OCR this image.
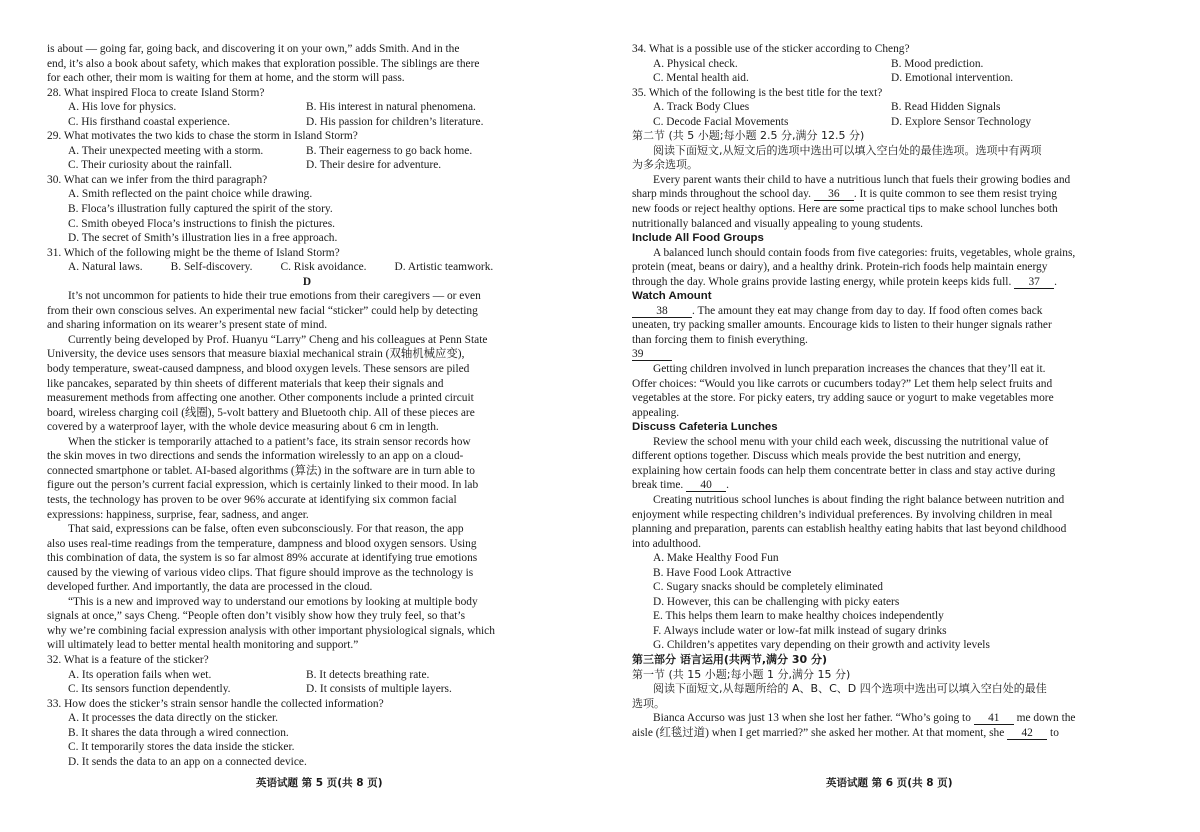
is about — going far, going back, and discovering it on your own,” adds Smith. And in the
end, it’s also a book about safety, which makes that exploration possible. The siblings are there
for each other, their mom is waiting for them at home, and the storm will pass.
28. What inspired Floca to create Island Storm?
A. His love for physics.	B. His interest in natural phenomena.
C. His firsthand coastal experience.	D. His passion for children’s literature.
29. What motivates the two kids to chase the storm in Island Storm?
A. Their unexpected meeting with a storm.	B. Their eagerness to go back home.
C. Their curiosity about the rainfall.	D. Their desire for adventure.
30. What can we infer from the third paragraph?
A. Smith reflected on the paint choice while drawing.
B. Floca’s illustration fully captured the spirit of the story.
C. Smith obeyed Floca’s instructions to finish the pictures.
D. The secret of Smith’s illustration lies in a free approach.
31. Which of the following might be the theme of Island Storm?
A. Natural laws. B. Self-discovery. C. Risk avoidance. D. Artistic teamwork.
D
It’s not uncommon for patients to hide their true emotions from their caregivers — or even
from their own conscious selves. An experimental new facial “sticker” could help by detecting
and sharing information on its wearer’s present state of mind.
Currently being developed by Prof. Huanyu “Larry” Cheng and his colleagues at Penn State
University, the device uses sensors that measure biaxial mechanical strain (双轴机械应变),
body temperature, sweat-caused dampness, and blood oxygen levels. These sensors are piled
like pancakes, separated by thin sheets of different materials that keep their signals and
measurement methods from affecting one another. Other components include a printed circuit
board, wireless charging coil (线圈), 5-volt battery and Bluetooth chip. All of these pieces are
covered by a waterproof layer, with the whole device measuring about 6 cm in length.
When the sticker is temporarily attached to a patient’s face, its strain sensor records how
the skin moves in two directions and sends the information wirelessly to an app on a cloud-
connected smartphone or tablet. AI-based algorithms (算法) in the software are in turn able to
figure out the person’s current facial expression, which is certainly linked to their mood. In lab
tests, the technology has proven to be over 96% accurate at identifying six common facial
expressions: happiness, surprise, fear, sadness, and anger.
That said, expressions can be false, often even subconsciously. For that reason, the app
also uses real-time readings from the temperature, dampness and blood oxygen sensors. Using
this combination of data, the system is so far almost 89% accurate at identifying true emotions
caused by the viewing of various video clips. That figure should improve as the technology is
developed further. And importantly, the data are processed in the cloud.
“This is a new and improved way to understand our emotions by looking at multiple body
signals at once,” says Cheng. “People often don’t visibly show how they truly feel, so that’s
why we’re combining facial expression analysis with other important physiological signals, which
will ultimately lead to better mental health monitoring and support.”
32. What is a feature of the sticker?
A. Its operation fails when wet.	B. It detects breathing rate.
C. Its sensors function dependently.	D. It consists of multiple layers.
33. How does the sticker’s strain sensor handle the collected information?
A. It processes the data directly on the sticker.
B. It shares the data through a wired connection.
C. It temporarily stores the data inside the sticker.
D. It sends the data to an app on a connected device.
34. What is a possible use of the sticker according to Cheng?
A. Physical check.	B. Mood prediction.
C. Mental health aid.	D. Emotional intervention.
35. Which of the following is the best title for the text?
A. Track Body Clues	B. Read Hidden Signals
C. Decode Facial Movements	D. Explore Sensor Technology
第二节 (共 5 小题;每小题 2.5 分,满分 12.5 分)
阅读下面短文,从短文后的选项中选出可以填入空白处的最佳选项。选项中有两项
为多余选项。
Every parent wants their child to have a nutritious lunch that fuels their growing bodies and
sharp minds throughout the school day. 36 . It is quite common to see them resist trying
new foods or reject healthy options. Here are some practical tips to make school lunches both
nutritionally balanced and visually appealing to young students.
Include All Food Groups
A balanced lunch should contain foods from five categories: fruits, vegetables, whole grains,
protein (meat, beans or dairy), and a healthy drink. Protein-rich foods help maintain energy
through the day. Whole grains provide lasting energy, while protein keeps kids full. 37 .
Watch Amount
38 . The amount they eat may change from day to day. If food often comes back
uneaten, try packing smaller amounts. Encourage kids to listen to their hunger signals rather
than forcing them to finish everything.
39
Getting children involved in lunch preparation increases the chances that they’ll eat it.
Offer choices: “Would you like carrots or cucumbers today?” Let them help select fruits and
vegetables at the store. For picky eaters, try adding sauce or yogurt to make vegetables more
appealing.
Discuss Cafeteria Lunches
Review the school menu with your child each week, discussing the nutritional value of
different options together. Discuss which meals provide the best nutrition and energy,
explaining how certain foods can help them concentrate better in class and stay active during
break time. 40 .
Creating nutritious school lunches is about finding the right balance between nutrition and
enjoyment while respecting children’s individual preferences. By involving children in meal
planning and preparation, parents can establish healthy eating habits that last beyond childhood
into adulthood.
A. Make Healthy Food Fun
B. Have Food Look Attractive
C. Sugary snacks should be completely eliminated
D. However, this can be challenging with picky eaters
E. This helps them learn to make healthy choices independently
F. Always include water or low-fat milk instead of sugary drinks
G. Children’s appetites vary depending on their growth and activity levels
第三部分 语言运用(共两节,满分 30 分)
第一节 (共 15 小题;每小题 1 分,满分 15 分)
阅读下面短文,从每题所给的 A、B、C、D 四个选项中选出可以填入空白处的最佳
选项。
Bianca Accurso was just 13 when she lost her father. “Who’s going to 41 me down the
aisle (红毯过道) when I get married?” she asked her mother. At that moment, she 42 to
英语试题 第 5 页(共 8 页)	英语试题 第 6 页(共 8 页)
